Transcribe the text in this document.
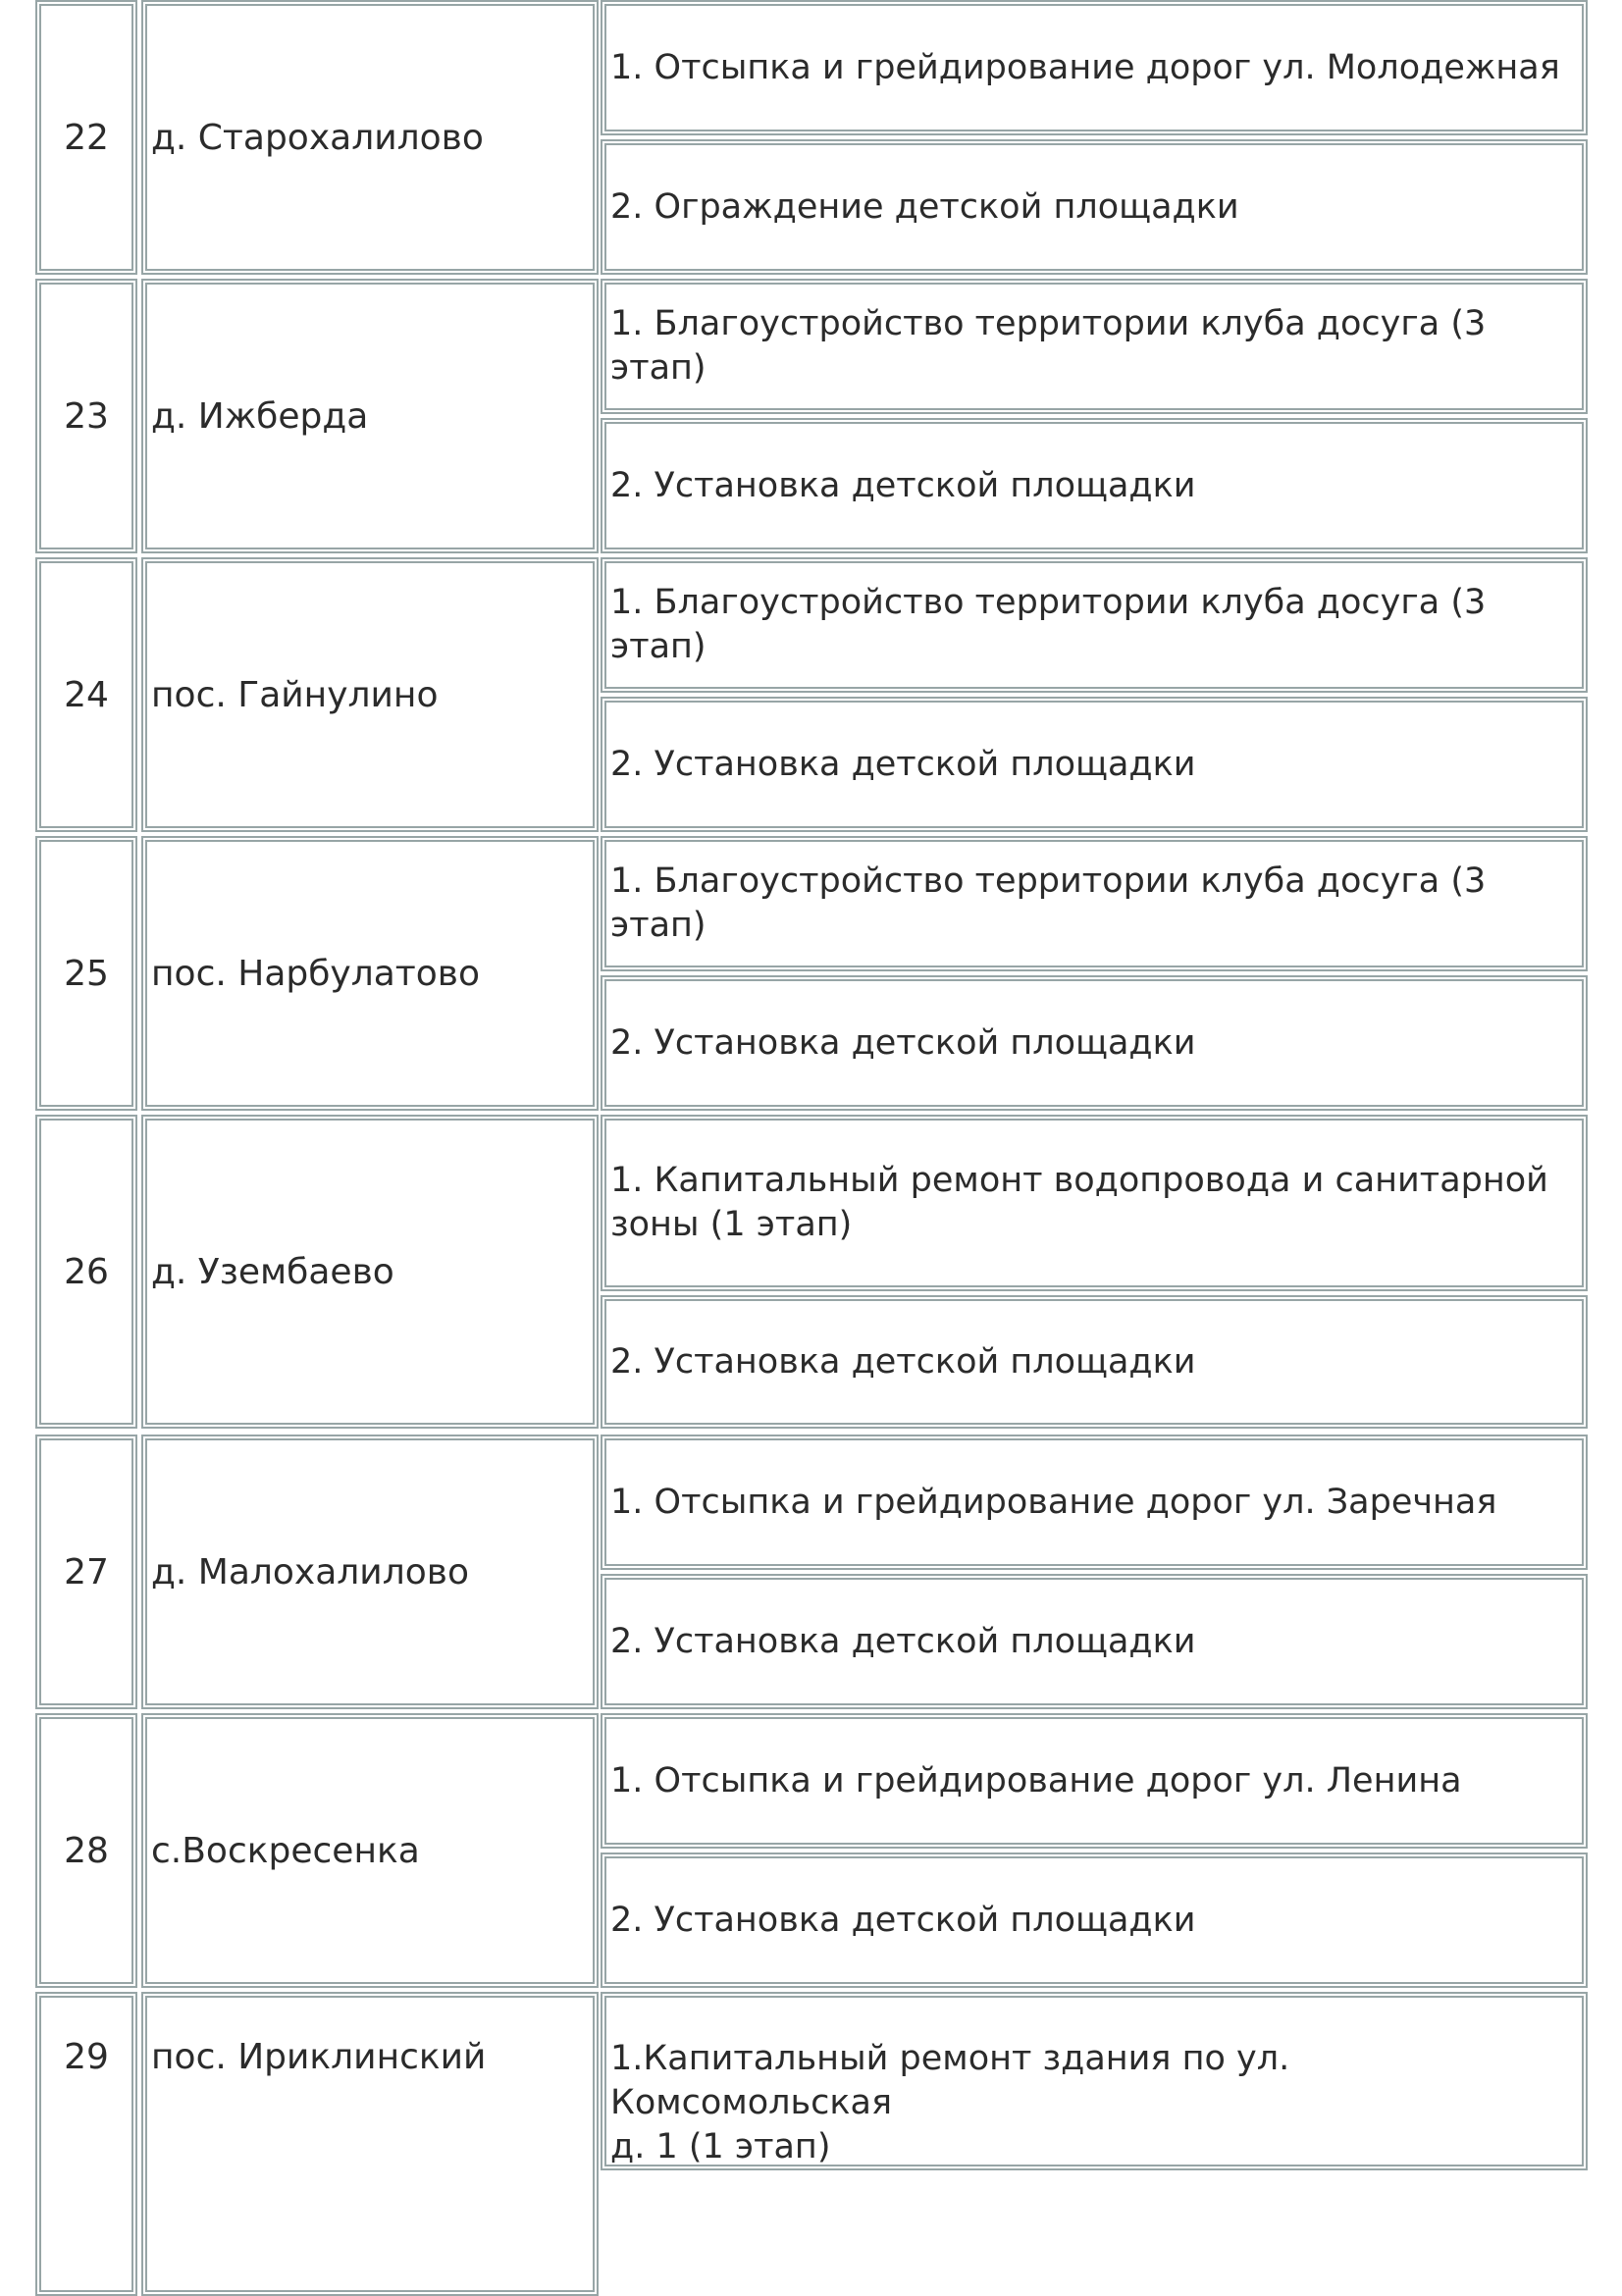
22	д. Старохалилово
1. Отсыпка и грейдирование дорог ул. Молодежная
2. Ограждение детской площадки
23	д. Ижберда
1. Благоустройство территории клуба досуга (3 этап)
2. Установка детской площадки
24	пос. Гайнулино
1. Благоустройство территории клуба досуга (3 этап)
2. Установка детской площадки
25	пос. Нарбулатово
1. Благоустройство территории клуба досуга (3 этап)
2. Установка детской площадки
26	д. Узембаево
1. Капитальный ремонт водопровода и санитарной
зоны (1 этап)
2. Установка детской площадки
27	д. Малохалилово
1. Отсыпка и грейдирование дорог ул. Заречная
2. Установка детской площадки
28	с.Воскресенка
1. Отсыпка и грейдирование дорог ул. Ленина
2. Установка детской площадки
29	пос. Ириклинский	1.Капитальный ремонт здания по ул. Комсомольская
д. 1 (1 этап)
